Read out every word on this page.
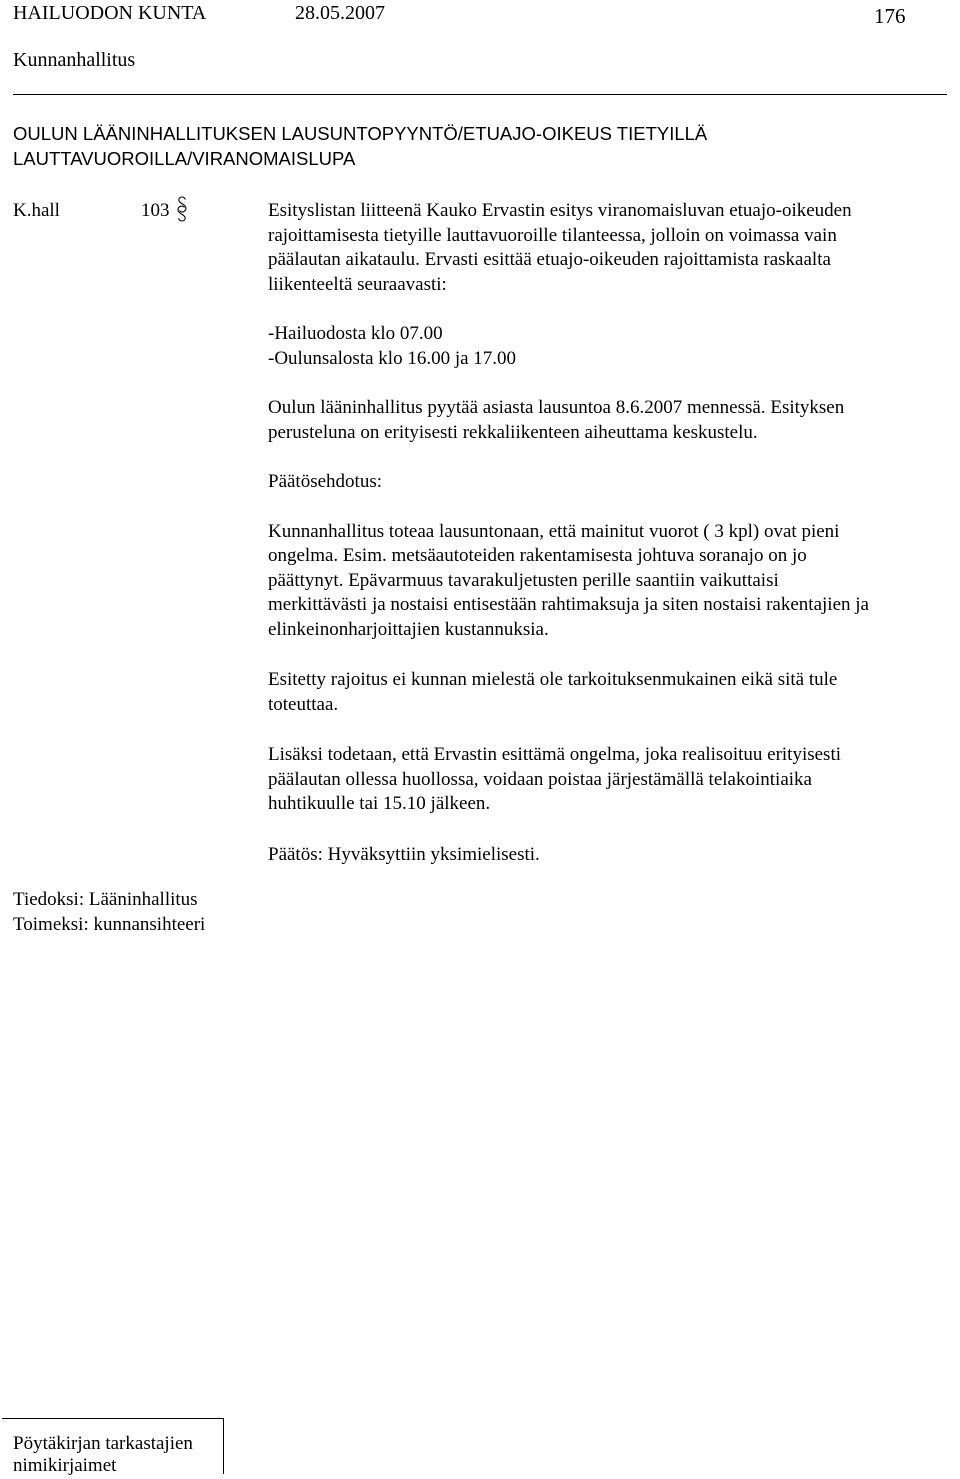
HAILUODON KUNTA	28.05.2007	176
Kunnanhallitus
OULUN LÄÄNINHALLITUKSEN LAUSUNTOPYYNTÖ/ETUAJO-OIKEUS TIETYILLÄ
LAUTTAVUOROILLA/VIRANOMAISLUPA
K.hall	103	Esityslistan liitteenä Kauko Ervastin esitys viranomaisluvan etuajo-oikeuden
rajoittamisesta tietyille lauttavuoroille tilanteessa, jolloin on voimassa vain
päälautan aikataulu. Ervasti esittää etuajo-oikeuden rajoittamista raskaalta
liikenteeltä seuraavasti:

-Hailuodosta klo 07.00
-Oulunsalosta klo 16.00 ja 17.00

Oulun lääninhallitus pyytää asiasta lausuntoa 8.6.2007 mennessä. Esityksen
perusteluna on erityisesti rekkaliikenteen aiheuttama keskustelu.

Päätösehdotus:

Kunnanhallitus toteaa lausuntonaan, että mainitut vuorot ( 3 kpl) ovat pieni
ongelma. Esim. metsäautoteiden rakentamisesta johtuva soranajo on jo
päättynyt. Epävarmuus tavarakuljetusten perille saantiin vaikuttaisi
merkittävästi ja nostaisi entisestään rahtimaksuja ja siten nostaisi rakentajien ja
elinkeinonharjoittajien kustannuksia.

Esitetty rajoitus ei kunnan mielestä ole tarkoituksenmukainen eikä sitä tule
toteuttaa.

Lisäksi todetaan, että Ervastin esittämä ongelma, joka realisoituu erityisesti
päälautan ollessa huollossa, voidaan poistaa järjestämällä telakointiaika
huhtikuulle tai 15.10 jälkeen.

Päätös: Hyväksyttiin yksimielisesti.

Tiedoksi: Lääninhallitus
Toimeksi: kunnansihteeri
Pöytäkirjan tarkastajien
nimikirjaimet
